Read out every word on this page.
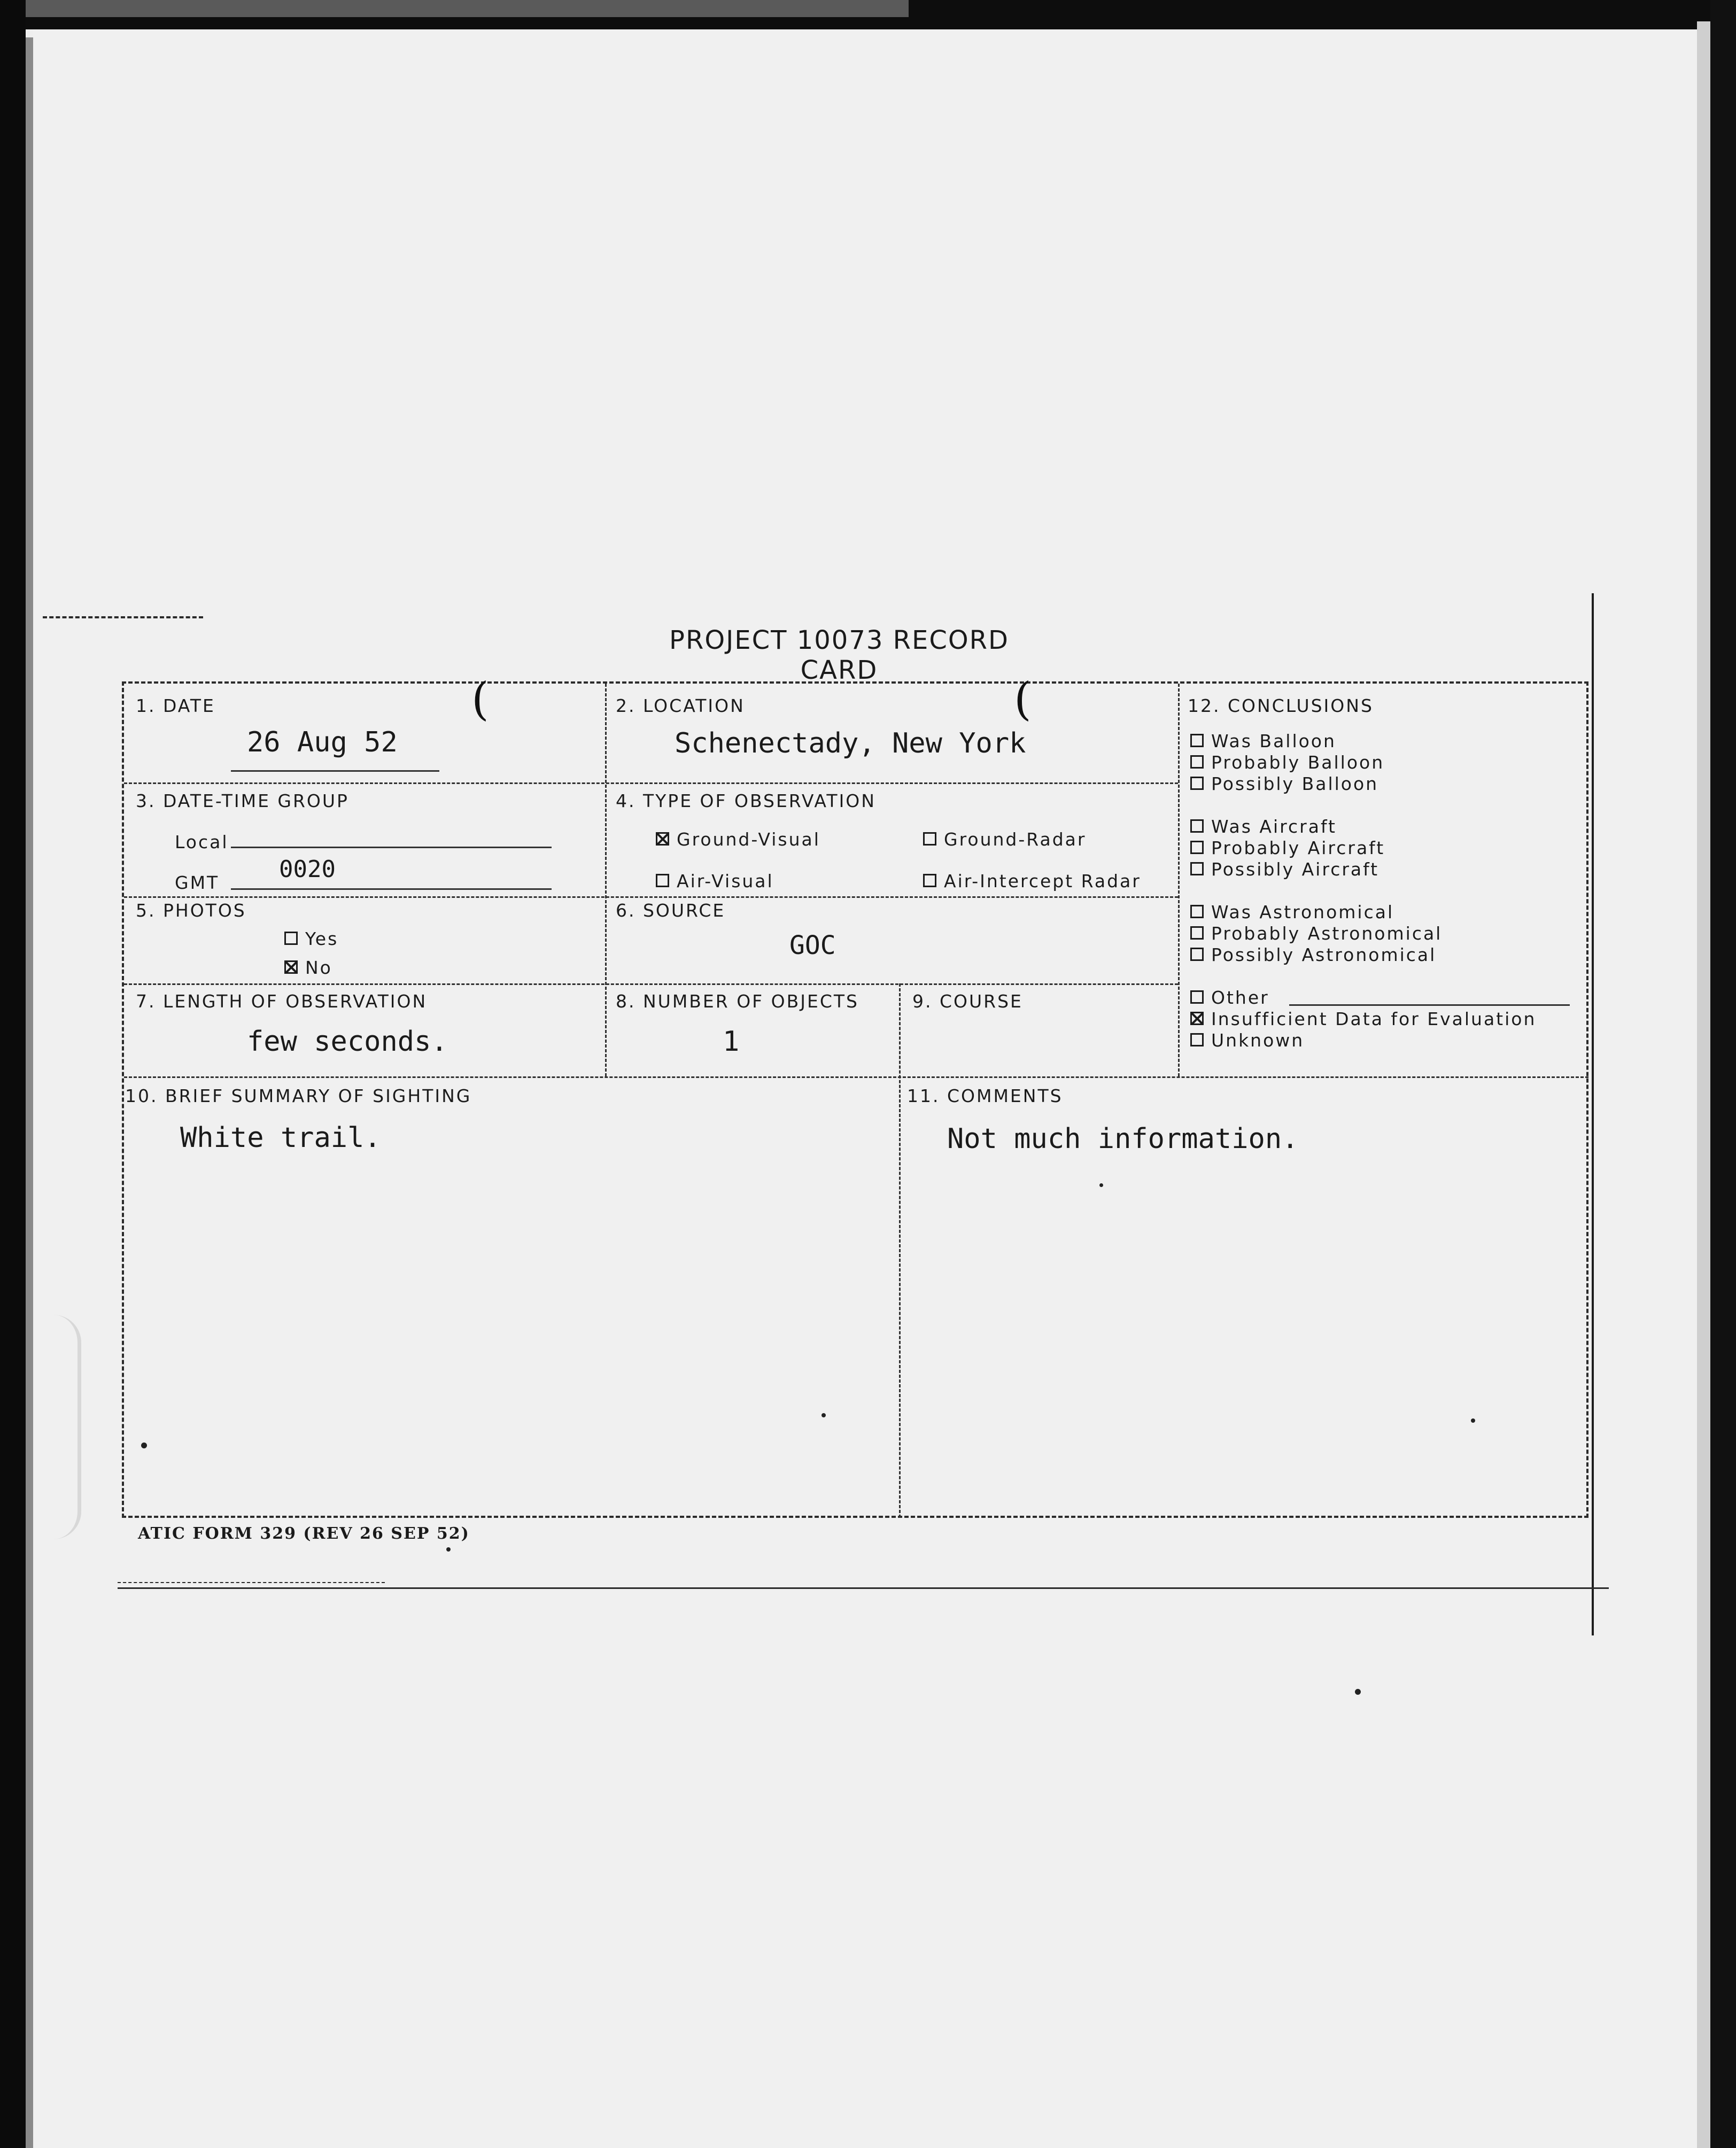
PROJECT 10073 RECORD CARD
1. DATE
26 Aug 52
(	2. LOCATION
Schenectady, New York
(	12. CONCLUSIONS
Was Balloon
Probably Balloon
Possibly Balloon
Was Aircraft
Probably Aircraft
Possibly Aircraft
Was Astronomical
Probably Astronomical
Possibly Astronomical
Other
Insufficient Data for Evaluation
Unknown
3. DATE-TIME GROUP
Local
GMT	0020
4. TYPE OF OBSERVATION
Ground-Visual	Ground-Radar
Air-Visual	Air-Intercept Radar
5. PHOTOS
Yes
No
6. SOURCE
GOC
7. LENGTH OF OBSERVATION
few seconds.
8. NUMBER OF OBJECTS
1
9. COURSE
10. BRIEF SUMMARY OF SIGHTING
White trail.
11. COMMENTS
Not much information.
ATIC FORM 329 (REV 26 SEP 52)
